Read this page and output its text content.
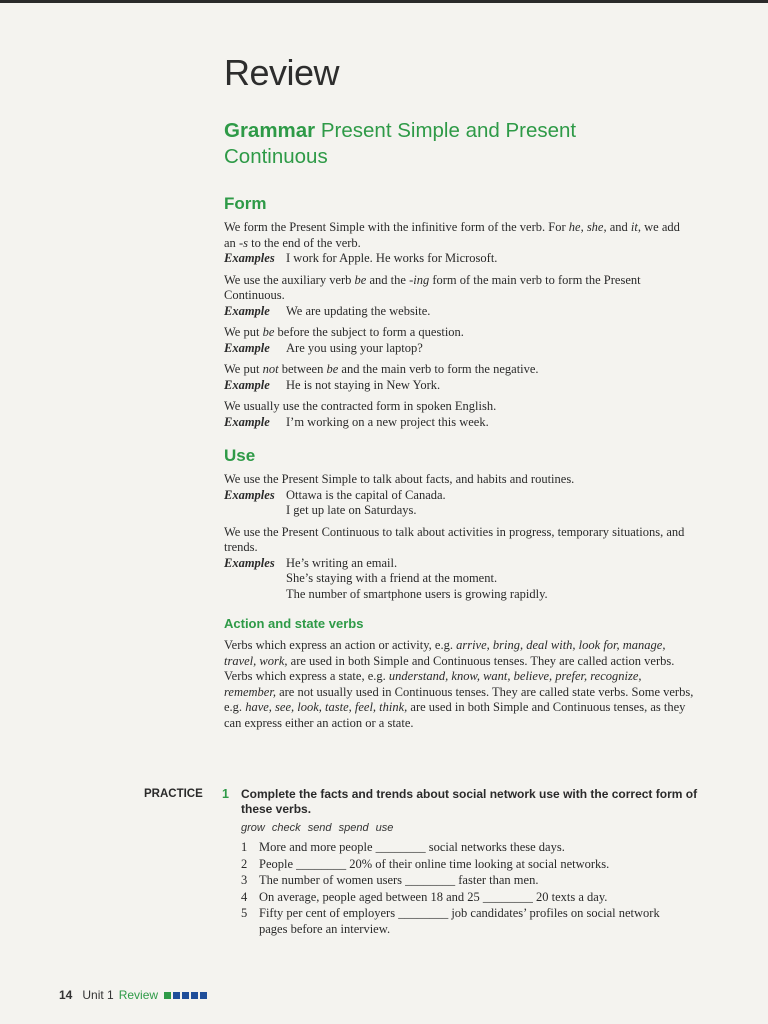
Review
Grammar Present Simple and Present Continuous
Form

We form the Present Simple with the infinitive form of the verb. For he, she, and it, we add an -s to the end of the verb.

Examples I work for Apple. He works for Microsoft.

We use the auxiliary verb be and the -ing form of the main verb to form the Present Continuous.

Example	We are updating the website.

We put be before the subject to form a question.

Example	Are you using your laptop?

We put not between be and the main verb to form the negative.

Example	He is not staying in New York.

We usually use the contracted form in spoken English.

Example	I’m working on a new project this week.
Use

We use the Present Simple to talk about facts, and habits and routines.

Examples Ottawa is the capital of Canada.
I get up late on Saturdays.

We use the Present Continuous to talk about activities in progress, temporary situations, and trends.

Examples He’s writing an email.
She’s staying with a friend at the moment.
The number of smartphone users is growing rapidly.
Action and state verbs

Verbs which express an action or activity, e.g. arrive, bring, deal with, look for, manage, travel, work, are used in both Simple and Continuous tenses. They are called action verbs.

Verbs which express a state, e.g. understand, know, want, believe, prefer, recognize, remember, are not usually used in Continuous tenses. They are called state verbs. Some verbs, e.g. have, see, look, taste, feel, think, are used in both Simple and Continuous tenses, as they can express either an action or a state.

PRACTICE 1 Complete the facts and trends about social network use with the correct form of these verbs.
grow check send spend use
1 More and more people ________ social networks these days.
2 People ________ 20% of their online time looking at social networks.
3 The number of women users ________ faster than men.
4 On average, people aged between 18 and 25 ________ 20 texts a day.
5 Fifty per cent of employers ________ job candidates’ profiles on social network pages before an interview.
14 Unit 1 Review
